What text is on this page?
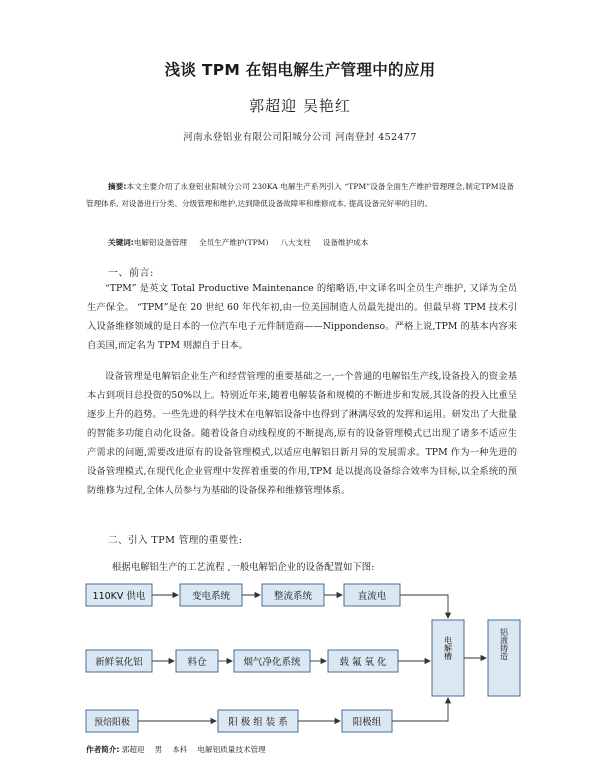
浅谈 TPM 在铝电解生产管理中的应用
郭超迎 吴艳红
河南永登铝业有限公司阳城分公司 河南登封 452477
摘要:本文主要介绍了永登铝业阳城分公司 230KA 电解生产系列引入 “TPM”设备全面生产维护管理理念,制定TPM设备管理体系, 对设备进行分类、分级管理和维护,达到降低设备故障率和维修成本, 提高设备完好率的目的。
关键词:电解铝设备管理 全员生产维护(TPM) 八大支柱 设备维护成本
一、前言:
“TPM” 是英文 Total Productive Maintenance 的缩略语,中文译名叫全员生产维护, 又译为全员生产保全。 “TPM”是在 20 世纪 60 年代年初,由一位美国制造人员最先提出的。但最早将 TPM 技术引入设备维修领域的是日本的一位汽车电子元件制造商——Nippondenso。严格上说,TPM 的基本内容来自美国,而定名为 TPM 则源自于日本。
设备管理是电解铝企业生产和经营管理的重要基础之一,一个普通的电解铝生产线,设备投入的资金基本占到项目总投资的50%以上。特别近年来,随着电解装备和规模的不断进步和发展,其设备的投入比重呈逐步上升的趋势。一些先进的科学技术在电解铝设备中也得到了淋漓尽致的发挥和运用。研发出了大批量的智能多功能自动化设备。随着设备自动线程度的不断提高,原有的设备管理模式已出现了诸多不适应生产需求的问题,需要改进原有的设备管理模式,以适应电解铝日新月异的发展需求。TPM 作为一种先进的设备管理模式,在现代化企业管理中发挥着重要的作用,TPM 是以提高设备综合效率为目标,以全系统的预防维修为过程,全体人员参与为基础的设备保养和维修管理体系。
二、引入 TPM 管理的重要性:
根据电解铝生产的工艺流程 ,一般电解铝企业的设备配置如下图:
110KV 供电	变电系统	整流系统	直流电
新鲜氧化铝	料仓	烟气净化系统	载 氟 氧 化
预焙阳极	阳 极 组 装 系	阳极组
电解槽	铝液铸造
作者简介: 郭超迎 男 本科 电解铝质量技术管理
